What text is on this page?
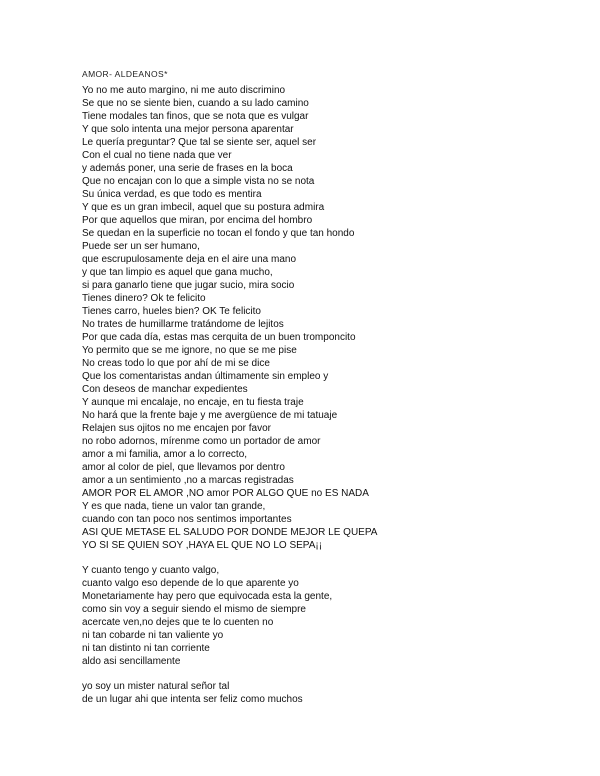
AMOR- ALDEANOS*
Yo no me auto margino, ni me auto discrimino
Se que no se siente bien, cuando a su lado camino
Tiene modales tan finos, que se nota que es vulgar
Y que solo intenta una mejor persona aparentar
Le quería preguntar? Que tal se siente ser, aquel ser
Con el cual no tiene nada que ver
y además poner, una serie de frases en la boca
Que no encajan con lo que a simple vista no se nota
Su única verdad, es que todo es mentira
Y que es un gran imbecil, aquel que su postura admira
Por que aquellos que miran, por encima del hombro
Se quedan en la superficie no tocan el fondo y que tan hondo
Puede ser un ser humano,
que escrupulosamente deja en el aire una mano
y que tan limpio es aquel que gana mucho,
si para ganarlo tiene que jugar sucio, mira socio
Tienes dinero? Ok te felicito
Tienes carro, hueles bien? OK Te felicito
No trates de humillarme tratándome de lejitos
Por que cada día, estas mas cerquita de un buen tromponcito
Yo permito que se me ignore, no que se me pise
No creas todo lo que por ahí de mi se dice
Que los comentaristas andan últimamente sin empleo y
Con deseos de manchar expedientes
Y aunque mi encalaje, no encaje, en tu fiesta traje
No hará que la frente baje y me avergüence de mi tatuaje
Relajen sus ojitos no me encajen por favor
no robo adornos, mírenme como un portador de amor
amor a mi familia, amor a lo correcto,
amor al color de piel, que llevamos por dentro
amor a un sentimiento ,no a marcas registradas
AMOR POR EL AMOR ,NO amor POR ALGO QUE no ES NADA
Y es que nada, tiene un valor tan grande,
cuando con tan poco nos sentimos importantes
ASI QUE METASE EL SALUDO POR DONDE MEJOR LE QUEPA
YO SI SE QUIEN SOY ,HAYA EL QUE NO LO SEPA¡¡
Y cuanto tengo y cuanto valgo,
cuanto valgo eso depende de lo que aparente yo
Monetariamente hay pero que equivocada esta la gente,
como sin voy a seguir siendo el mismo de siempre
acercate ven,no dejes que te lo cuenten no
ni tan cobarde ni tan valiente yo
ni tan distinto ni tan corriente
aldo asi sencillamente
yo soy un mister natural señor tal
de un lugar ahi que intenta ser feliz como muchos
